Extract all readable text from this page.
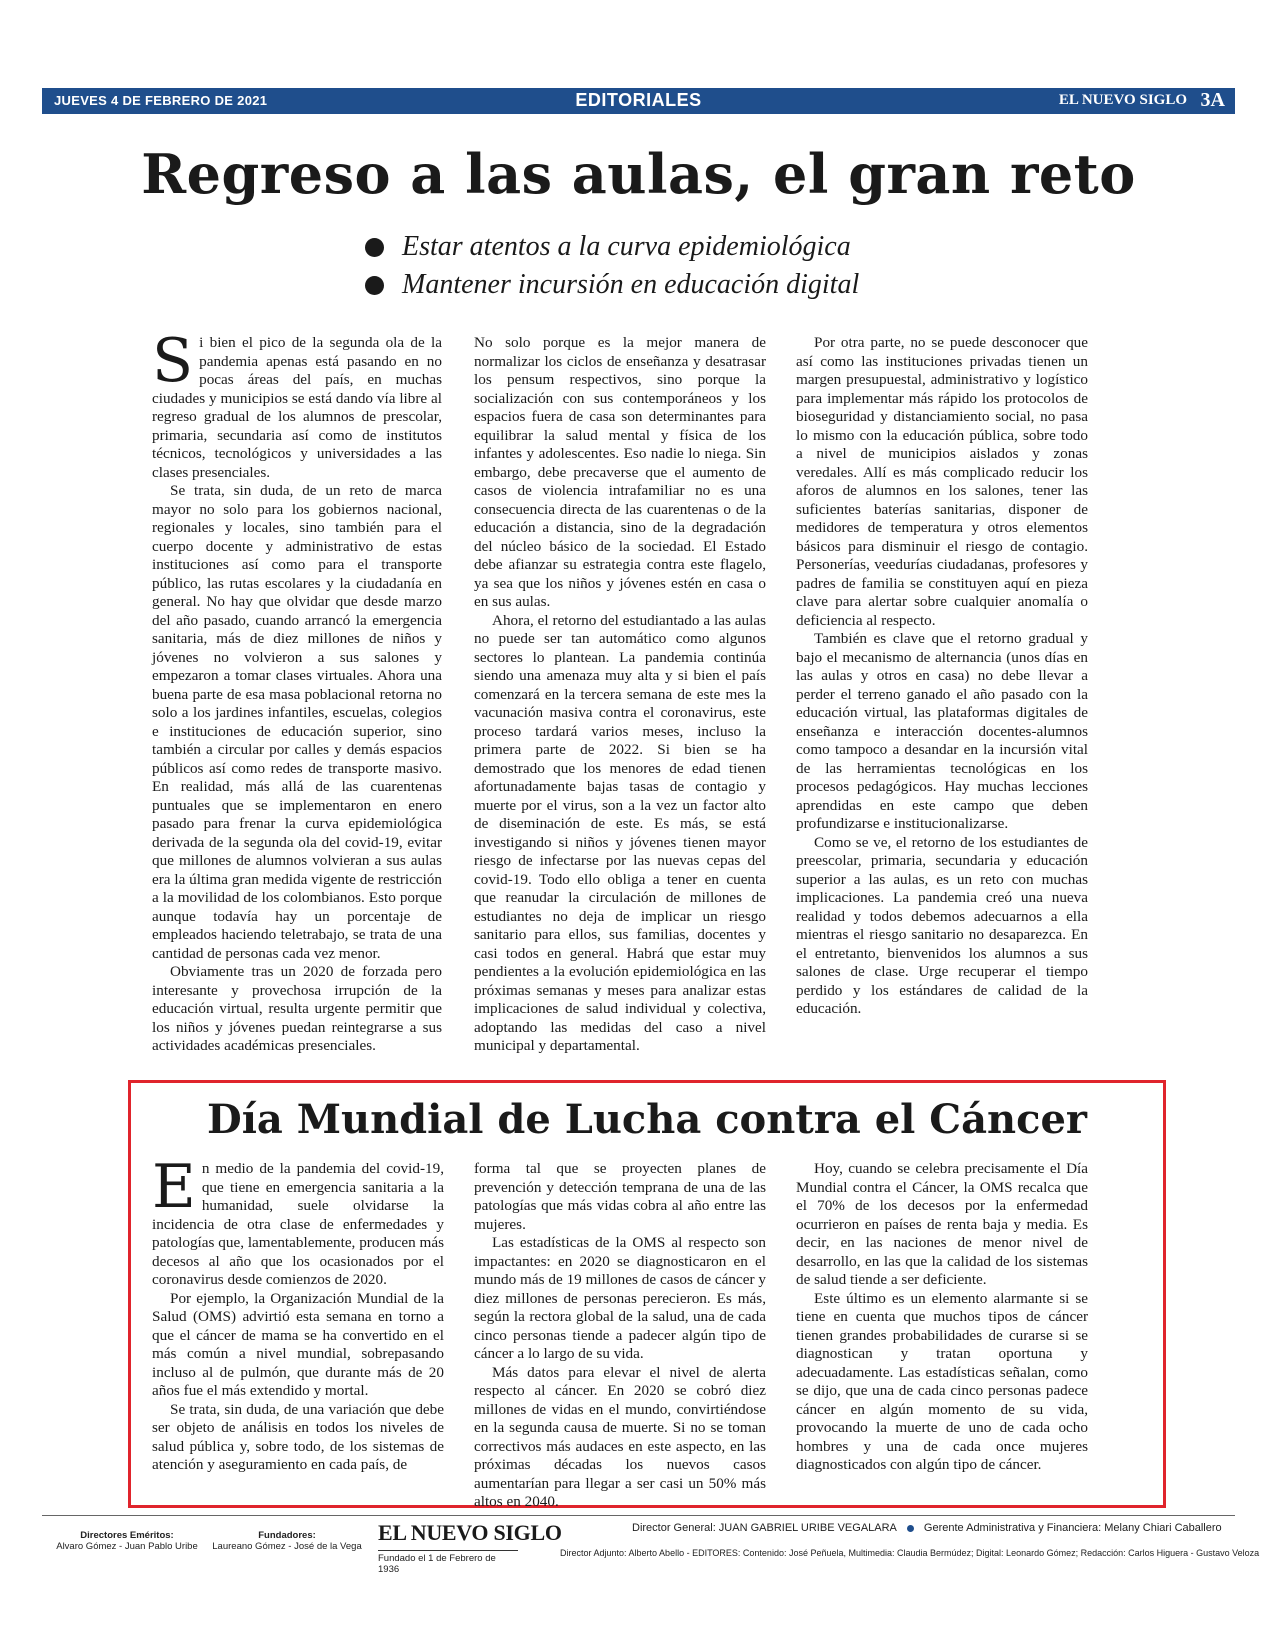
JUEVES 4 DE FEBRERO DE 2021	EDITORIALES	EL NUEVO SIGLO 3A
Regreso a las aulas, el gran reto
Estar atentos a la curva epidemiológica
Mantener incursión en educación digital
S i bien el pico de la segunda ola de la pandemia apenas está pasando en no pocas áreas del país, en muchas ciudades y municipios se está dando vía libre al regreso gradual de los alumnos de prescolar, primaria, secundaria así como de institutos técnicos, tecnológicos y universidades a las clases presenciales.

Se trata, sin duda, de un reto de marca mayor no solo para los gobiernos nacional, regionales y locales, sino también para el cuerpo docente y administrativo de estas instituciones así como para el transporte público, las rutas escolares y la ciudadanía en general. No hay que olvidar que desde marzo del año pasado, cuando arrancó la emergencia sanitaria, más de diez millones de niños y jóvenes no volvieron a sus salones y empezaron a tomar clases virtuales. Ahora una buena parte de esa masa poblacional retorna no solo a los jardines infantiles, escuelas, colegios e instituciones de educación superior, sino también a circular por calles y demás espacios públicos así como redes de transporte masivo. En realidad, más allá de las cuarentenas puntuales que se implementaron en enero pasado para frenar la curva epidemiológica derivada de la segunda ola del covid-19, evitar que millones de alumnos volvieran a sus aulas era la última gran medida vigente de restricción a la movilidad de los colombianos. Esto porque aunque todavía hay un porcentaje de empleados haciendo teletrabajo, se trata de una cantidad de personas cada vez menor.

Obviamente tras un 2020 de forzada pero interesante y provechosa irrupción de la educación virtual, resulta urgente permitir que los niños y jóvenes puedan reintegrarse a sus actividades académicas presenciales.

No solo porque es la mejor manera de normalizar los ciclos de enseñanza y desatrasar los pensum respectivos, sino porque la socialización con sus contemporáneos y los espacios fuera de casa son determinantes para equilibrar la salud mental y física de los infantes y adolescentes. Eso nadie lo niega. Sin embargo, debe precaverse que el aumento de casos de violencia intrafamiliar no es una consecuencia directa de las cuarentenas o de la educación a distancia, sino de la degradación del núcleo básico de la sociedad. El Estado debe afianzar su estrategia contra este flagelo, ya sea que los niños y jóvenes estén en casa o en sus aulas.

Ahora, el retorno del estudiantado a las aulas no puede ser tan automático como algunos sectores lo plantean. La pandemia continúa siendo una amenaza muy alta y si bien el país comenzará en la tercera semana de este mes la vacunación masiva contra el coronavirus, este proceso tardará varios meses, incluso la primera parte de 2022. Si bien se ha demostrado que los menores de edad tienen afortunadamente bajas tasas de contagio y muerte por el virus, son a la vez un factor alto de diseminación de este. Es más, se está investigando si niños y jóvenes tienen mayor riesgo de infectarse por las nuevas cepas del covid-19. Todo ello obliga a tener en cuenta que reanudar la circulación de millones de estudiantes no deja de implicar un riesgo sanitario para ellos, sus familias, docentes y casi todos en general. Habrá que estar muy pendientes a la evolución epidemiológica en las próximas semanas y meses para analizar estas implicaciones de salud individual y colectiva, adoptando las medidas del caso a nivel municipal y departamental.

Por otra parte, no se puede desconocer que así como las instituciones privadas tienen un margen presupuestal, administrativo y logístico para implementar más rápido los protocolos de bioseguridad y distanciamiento social, no pasa lo mismo con la educación pública, sobre todo a nivel de municipios aislados y zonas veredales. Allí es más complicado reducir los aforos de alumnos en los salones, tener las suficientes baterías sanitarias, disponer de medidores de temperatura y otros elementos básicos para disminuir el riesgo de contagio. Personerías, veedurías ciudadanas, profesores y padres de familia se constituyen aquí en pieza clave para alertar sobre cualquier anomalía o deficiencia al respecto.

También es clave que el retorno gradual y bajo el mecanismo de alternancia (unos días en las aulas y otros en casa) no debe llevar a perder el terreno ganado el año pasado con la educación virtual, las plataformas digitales de enseñanza e interacción docentes-alumnos como tampoco a desandar en la incursión vital de las herramientas tecnológicas en los procesos pedagógicos. Hay muchas lecciones aprendidas en este campo que deben profundizarse e institucionalizarse.

Como se ve, el retorno de los estudiantes de preescolar, primaria, secundaria y educación superior a las aulas, es un reto con muchas implicaciones. La pandemia creó una nueva realidad y todos debemos adecuarnos a ella mientras el riesgo sanitario no desaparezca. En el entretanto, bienvenidos los alumnos a sus salones de clase. Urge recuperar el tiempo perdido y los estándares de calidad de la educación.

Día Mundial de Lucha contra el Cáncer
E n medio de la pandemia del covid-19, que tiene en emergencia sanitaria a la humanidad, suele olvidarse la incidencia de otra clase de enfermedades y patologías que, lamentablemente, producen más decesos al año que los ocasionados por el coronavirus desde comienzos de 2020.

Por ejemplo, la Organización Mundial de la Salud (OMS) advirtió esta semana en torno a que el cáncer de mama se ha convertido en el más común a nivel mundial, sobrepasando incluso al de pulmón, que durante más de 20 años fue el más extendido y mortal.

Se trata, sin duda, de una variación que debe ser objeto de análisis en todos los niveles de salud pública y, sobre todo, de los sistemas de atención y aseguramiento en cada país, de

forma tal que se proyecten planes de prevención y detección temprana de una de las patologías que más vidas cobra al año entre las mujeres.

Las estadísticas de la OMS al respecto son impactantes: en 2020 se diagnosticaron en el mundo más de 19 millones de casos de cáncer y diez millones de personas perecieron. Es más, según la rectora global de la salud, una de cada cinco personas tiende a padecer algún tipo de cáncer a lo largo de su vida.

Más datos para elevar el nivel de alerta respecto al cáncer. En 2020 se cobró diez millones de vidas en el mundo, convirtiéndose en la segunda causa de muerte. Si no se toman correctivos más audaces en este aspecto, en las próximas décadas los nuevos casos aumentarían para llegar a ser casi un 50% más altos en 2040.

Hoy, cuando se celebra precisamente el Día Mundial contra el Cáncer, la OMS recalca que el 70% de los decesos por la enfermedad ocurrieron en países de renta baja y media. Es decir, en las naciones de menor nivel de desarrollo, en las que la calidad de los sistemas de salud tiende a ser deficiente.

Este último es un elemento alarmante si se tiene en cuenta que muchos tipos de cáncer tienen grandes probabilidades de curarse si se diagnostican y tratan oportuna y adecuadamente. Las estadísticas señalan, como se dijo, que una de cada cinco personas padece cáncer en algún momento de su vida, provocando la muerte de uno de cada ocho hombres y una de cada once mujeres diagnosticados con algún tipo de cáncer.

Directores Eméritos:
Alvaro Gómez - Juan Pablo Uribe
Fundadores:
Laureano Gómez - José de la Vega
EL NUEVO SIGLO
Fundado el 1 de Febrero de 1936
Director General: JUAN GABRIEL URIBE VEGALARA Gerente Administrativa y Financiera: Melany Chiari Caballero
Director Adjunto: Alberto Abello - EDITORES: Contenido: José Peñuela, Multimedia: Claudia Bermúdez; Digital: Leonardo Gómez; Redacción: Carlos Higuera - Gustavo Veloza
